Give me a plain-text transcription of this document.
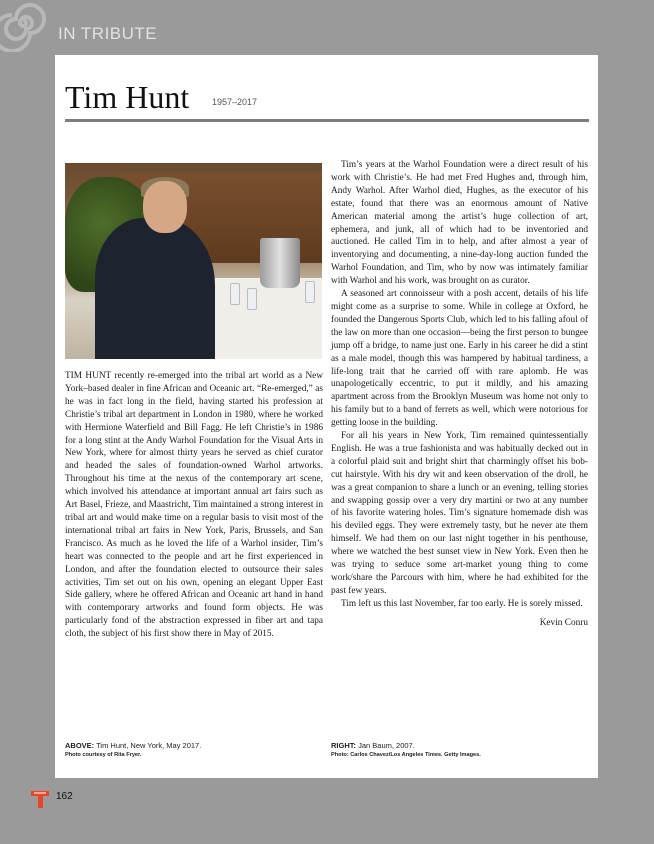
IN TRIBUTE
Tim Hunt	1957–2017

TIM HUNT recently re-emerged into the tribal art world as a New York–based dealer in fine African and Oceanic art. “Re-emerged,” as he was in fact long in the field, having started his profession at Christie’s tribal art department in London in 1980, where he worked with Hermione Waterfield and Bill Fagg. He left Christie’s in 1986 for a long stint at the Andy Warhol Foundation for the Visual Arts in New York, where for almost thirty years he served as chief curator and headed the sales of foundation-owned Warhol artworks. Throughout his time at the nexus of the contemporary art scene, which involved his attendance at important annual art fairs such as Art Basel, Frieze, and Maastricht, Tim maintained a strong interest in tribal art and would make time on a regular basis to visit most of the international tribal art fairs in New York, Paris, Brussels, and San Francisco. As much as he loved the life of a Warhol insider, Tim’s heart was connected to the people and art he first experienced in London, and after the foundation elected to outsource their sales activities, Tim set out on his own, opening an elegant Upper East Side gallery, where he offered African and Oceanic art hand in hand with contemporary artworks and found form objects. He was particularly fond of the abstraction expressed in fiber art and tapa cloth, the subject of his first show there in May of 2015.

Tim’s years at the Warhol Foundation were a direct result of his work with Christie’s. He had met Fred Hughes and, through him, Andy Warhol. After Warhol died, Hughes, as the executor of his estate, found that there was an enormous amount of Native American material among the artist’s huge collection of art, ephemera, and junk, all of which had to be inventoried and auctioned. He called Tim in to help, and after almost a year of inventorying and documenting, a nine-day-long auction funded the Warhol Foundation, and Tim, who by now was intimately familiar with Warhol and his work, was brought on as curator.

A seasoned art connoisseur with a posh accent, details of his life might come as a surprise to some. While in college at Oxford, he founded the Dangerous Sports Club, which led to his falling afoul of the law on more than one occasion—being the first person to bungee jump off a bridge, to name just one. Early in his career he did a stint as a male model, though this was hampered by habitual tardiness, a life-long trait that he carried off with rare aplomb. He was unapologetically eccentric, to put it mildly, and his amazing apartment across from the Brooklyn Museum was home not only to his family but to a band of ferrets as well, which were notorious for getting loose in the building.

For all his years in New York, Tim remained quintessentially English. He was a true fashionista and was habitually decked out in a colorful plaid suit and bright shirt that charmingly offset his bob-cut hairstyle. With his dry wit and keen observation of the droll, he was a great companion to share a lunch or an evening, telling stories and swapping gossip over a very dry martini or two at any number of his favorite watering holes. Tim’s signature homemade dish was his deviled eggs. They were extremely tasty, but he never ate them himself. We had them on our last night together in his penthouse, where we watched the best sunset view in New York. Even then he was trying to seduce some art-market young thing to come work/share the Parcours with him, where he had exhibited for the past few years.

Tim left us this last November, far too early. He is sorely missed.

Kevin Conru

ABOVE: Tim Hunt, New York, May 2017.
Photo courtesy of Rita Fryer.
RIGHT: Jan Baum, 2007.
Photo: Carlos Chavez/Los Angeles Times. Getty Images.
162
